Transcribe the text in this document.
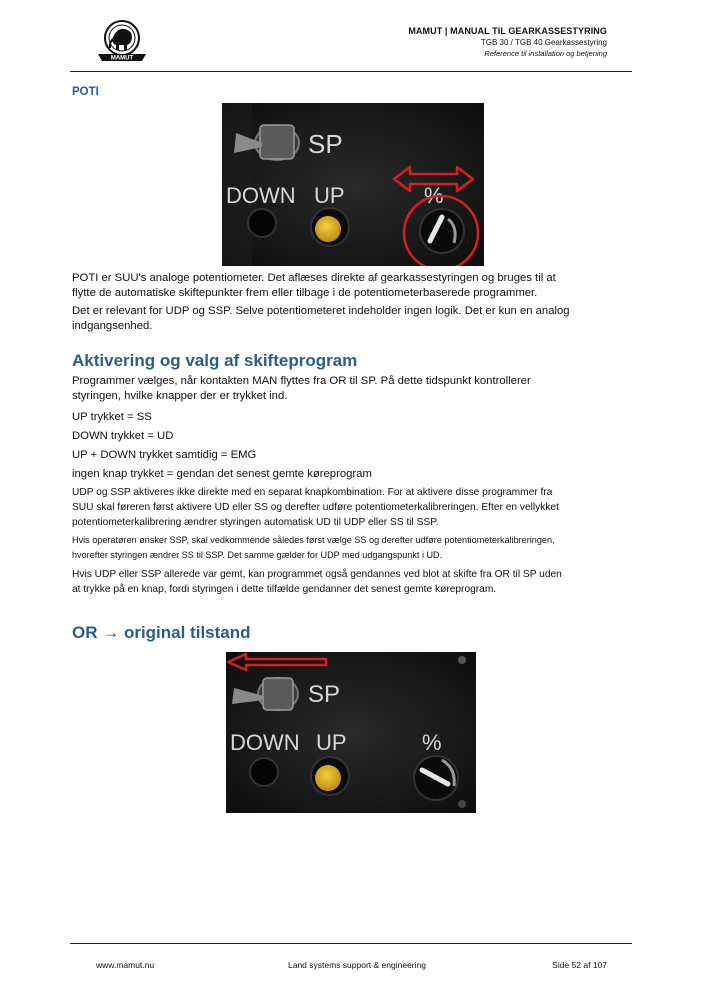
MAMUT
MAMUT | MANUAL TIL GEARKASSESTYRING
TGB 30 / TGB 40 Gearkassestyring
Reference til installation og betjening
POTI
SP
DOWN UP	%
POTI er SUU's analoge potentiometer. Det aflæses direkte af gearkassestyringen og bruges til at
flytte de automatiske skiftepunkter frem eller tilbage i de potentiometerbaserede programmer.
Det er relevant for UDP og SSP. Selve potentiometeret indeholder ingen logik. Det er kun en analog
indgangsenhed.
Aktivering og valg af skifteprogram
Programmer vælges, når kontakten MAN flyttes fra OR til SP. På dette tidspunkt kontrollerer
styringen, hvilke knapper der er trykket ind.
UP trykket = SS
DOWN trykket = UD
UP + DOWN trykket samtidig = EMG
ingen knap trykket = gendan det senest gemte køreprogram
UDP og SSP aktiveres ikke direkte med en separat knapkombination. For at aktivere disse programmer fra
SUU skal føreren først aktivere UD eller SS og derefter udføre potentiometerkalibreringen. Efter en vellykket
potentiometerkalibrering ændrer styringen automatisk UD til UDP eller SS til SSP.
Hvis operatøren ønsker SSP, skal vedkommende således først vælge SS og derefter udføre potentiometerkalibreringen,
hvorefter styringen ændrer SS til SSP. Det samme gælder for UDP med udgangspunkt i UD.
Hvis UDP eller SSP allerede var gemt, kan programmet også gendannes ved blot at skifte fra OR til SP uden
at trykke på en knap, fordi styringen i dette tilfælde gendanner det senest gemte køreprogram.
OR → original tilstand
SP
DOWN UP	%
www.mamut.nu	Land systems support & engineering	Side 52 af 107
